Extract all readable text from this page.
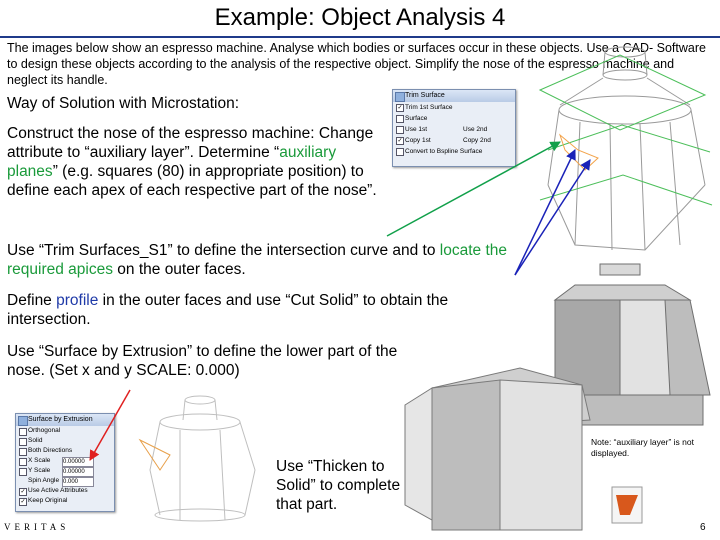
Example: Object Analysis 4
The images below show an espresso machine. Analyse which bodies or surfaces occur in these objects. Use a CAD- Software to design these objects according to the analysis of the respective object. Simplify the nose of the espresso machine and neglect its handle.
Way of Solution with Microstation:
Construct the nose of the espresso machine: Change attribute to “auxiliary layer”. Determine “auxiliary planes” (e.g. squares (80) in appropriate position) to define each apex of each respective part of the nose”.
Use “Trim Surfaces_S1” to define the intersection curve and to locate the required apices on the outer faces.
Define profile in the outer faces and use “Cut Solid” to obtain the intersection.
Use “Surface by Extrusion” to define the lower part of the nose. (Set x and y SCALE: 0.000)
Use “Thicken to Solid” to complete that part.
Note: “auxiliary layer” is not displayed.
Trim Surface
✓ Trim 1st Surface
Surface
Use 1st	Use 2nd
✓ Copy 1st	Copy 2nd
Convert to Bspline Surface
Surface by Extrusion
Orthogonal
Solid
Both Directions
X Scale 0.00000
Y Scale 0.00000
Spin Angle 0.000
✓ Use Active Attributes
✓ Keep Original
VERITAS	6
